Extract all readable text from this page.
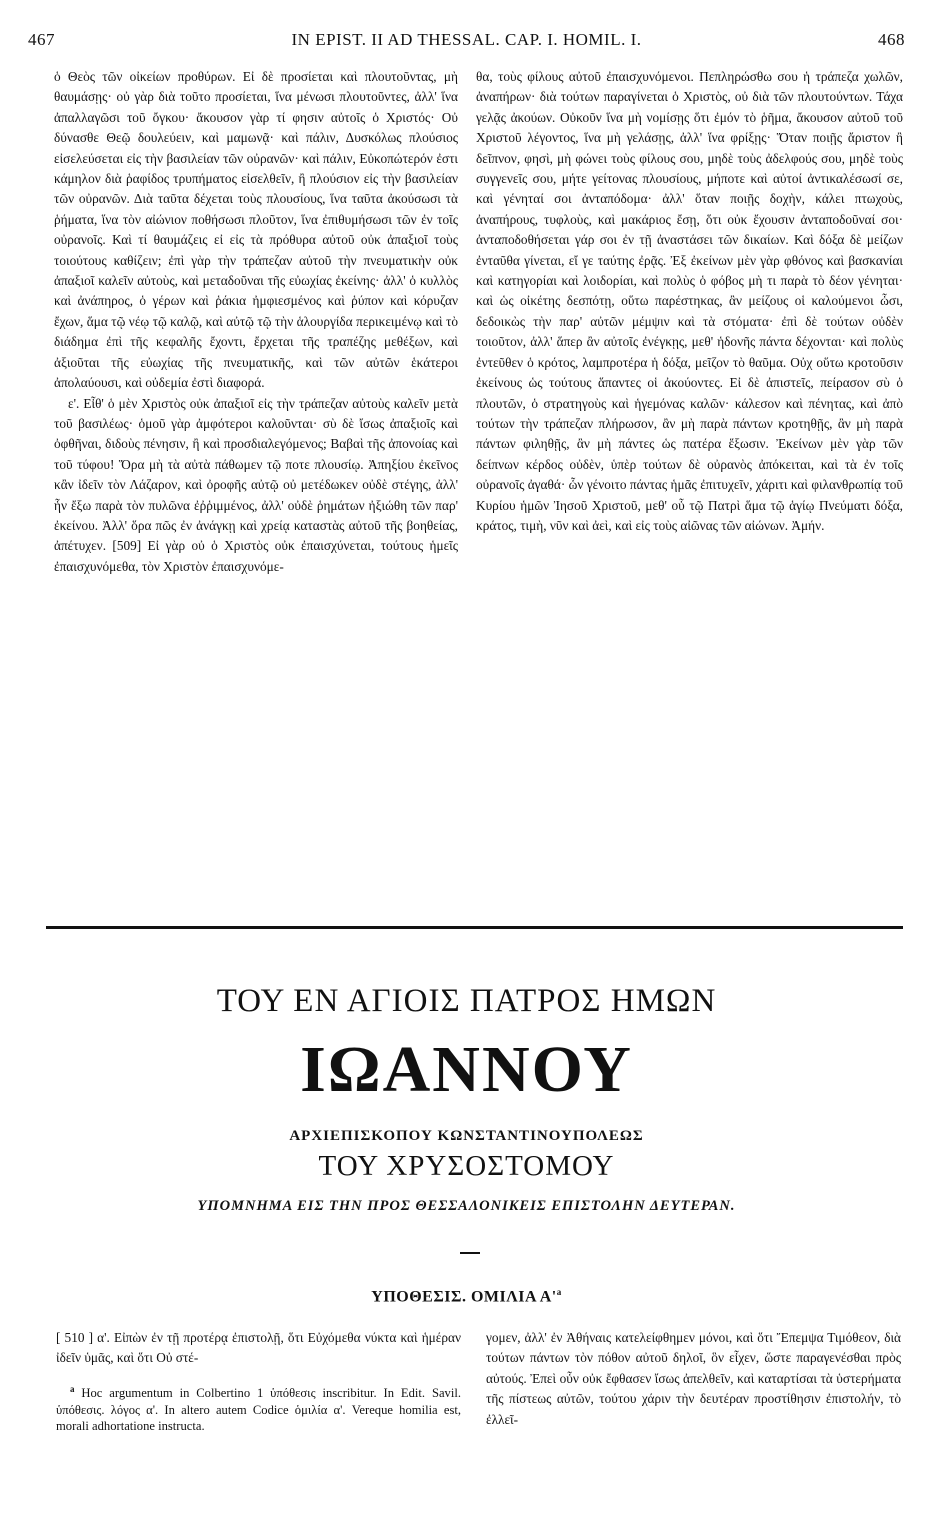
467	IN EPIST. II AD THESSAL. CAP. I. HOMIL. I.	468

ὁ Θεὸς τῶν οἰκείων προθύρων. Εἰ δὲ προσίεται καὶ πλουτοῦντας, μὴ θαυμάσῃς· οὐ γὰρ διὰ τοῦτο προσίεται, ἵνα μένωσι πλουτοῦντες, ἀλλ' ἵνα ἀπαλλαγῶσι τοῦ ὄγκου· ἄκουσον γὰρ τί φησιν αὐτοῖς ὁ Χριστός· Οὐ δύνασθε Θεῷ δουλεύειν, καὶ μαμωνᾷ· καὶ πάλιν, Δυσκόλως πλούσιος εἰσελεύσεται εἰς τὴν βασιλείαν τῶν οὐρανῶν· καὶ πάλιν, Εὐκοπώτερόν ἐστι κάμηλον διὰ ῥαφίδος τρυπήματος εἰσελθεῖν, ἢ πλούσιον εἰς τὴν βασιλείαν τῶν οὐρανῶν. Διὰ ταῦτα δέχεται τοὺς πλουσίους, ἵνα ταῦτα ἀκούσωσι τὰ ῥήματα, ἵνα τὸν αἰώνιον ποθήσωσι πλοῦτον, ἵνα ἐπιθυμήσωσι τῶν ἐν τοῖς οὐρανοῖς. Καὶ τί θαυμάζεις εἰ εἰς τὰ πρόθυρα αὐτοῦ οὐκ ἀπαξιοῖ τοὺς τοιούτους καθίζειν; ἐπὶ γὰρ τὴν τράπεζαν αὐτοῦ τὴν πνευματικὴν οὐκ ἀπαξιοῖ καλεῖν αὐτοὺς, καὶ μεταδοῦναι τῆς εὐωχίας ἐκείνης· ἀλλ' ὁ κυλλὸς καὶ ἀνάπηρος, ὁ γέρων καὶ ῥάκια ἠμφιεσμένος καὶ ῥύπον καὶ κόρυζαν ἔχων, ἅμα τῷ νέῳ τῷ καλῷ, καὶ αὐτῷ τῷ τὴν ἁλουργίδα περικειμένῳ καὶ τὸ διάδημα ἐπὶ τῆς κεφαλῆς ἔχοντι, ἔρχεται τῆς τραπέζης μεθέξων, καὶ ἀξιοῦται τῆς εὐωχίας τῆς πνευματικῆς, καὶ τῶν αὐτῶν ἑκάτεροι ἀπολαύουσι, καὶ οὐδεμία ἐστὶ διαφορά.

ε'. Εἶθ' ὁ μὲν Χριστὸς οὐκ ἀπαξιοῖ εἰς τὴν τράπεζαν αὐτοὺς καλεῖν μετὰ τοῦ βασιλέως· ὁμοῦ γὰρ ἀμφότεροι καλοῦνται· σὺ δὲ ἴσως ἀπαξιοῖς καὶ ὀφθῆναι, διδοὺς πένησιν, ἢ καὶ προσδιαλεγόμενος; Βαβαὶ τῆς ἀπονοίας καὶ τοῦ τύφου! Ὅρα μὴ τὰ αὐτὰ πάθωμεν τῷ ποτε πλουσίῳ. Ἀπηξίου ἐκεῖνος κἂν ἰδεῖν τὸν Λάζαρον, καὶ ὀροφῆς αὐτῷ οὐ μετέδωκεν οὐδὲ στέγης, ἀλλ' ἦν ἔξω παρὰ τὸν πυλῶνα ἐῤῥιμμένος, ἀλλ' οὐδὲ ῥημάτων ἠξιώθη τῶν παρ' ἐκείνου. Ἀλλ' ὅρα πῶς ἐν ἀνάγκῃ καὶ χρείᾳ καταστὰς αὐτοῦ τῆς βοηθείας, ἀπέτυχεν. [509] Εἰ γὰρ οὐ ὁ Χριστὸς οὐκ ἐπαισχύνεται, τούτους ἡμεῖς ἐπαισχυνόμεθα, τὸν Χριστὸν ἐπαισχυνόμε-

θα, τοὺς φίλους αὐτοῦ ἐπαισχυνόμενοι. Πεπληρώσθω σου ἡ τράπεζα χωλῶν, ἀναπήρων· διὰ τούτων παραγίνεται ὁ Χριστὸς, οὐ διὰ τῶν πλουτούντων. Τάχα γελᾷς ἀκούων. Οὐκοῦν ἵνα μὴ νομίσῃς ὅτι ἐμόν τὸ ῥῆμα, ἄκουσον αὐτοῦ τοῦ Χριστοῦ λέγοντος, ἵνα μὴ γελάσῃς, ἀλλ' ἵνα φρίξῃς· Ὅταν ποιῇς ἄριστον ἢ δεῖπνον, φησὶ, μὴ φώνει τοὺς φίλους σου, μηδὲ τοὺς ἀδελφούς σου, μηδὲ τοὺς συγγενεῖς σου, μήτε γείτονας πλουσίους, μήποτε καὶ αὐτοί ἀντικαλέσωσί σε, καὶ γένηταί σοι ἀνταπόδομα· ἀλλ' ὅταν ποιῇς δοχὴν, κάλει πτωχοὺς, ἀναπήρους, τυφλοὺς, καὶ μακάριος ἔσῃ, ὅτι οὐκ ἔχουσιν ἀνταποδοῦναί σοι· ἀνταποδοθήσεται γάρ σοι ἐν τῇ ἀναστάσει τῶν δικαίων. Καὶ δόξα δὲ μείζων ἐνταῦθα γίνεται, εἴ γε ταύτης ἐρᾷς. Ἐξ ἐκείνων μὲν γὰρ φθόνος καὶ βασκανίαι καὶ κατηγορίαι καὶ λοιδορίαι, καὶ πολὺς ὁ φόβος μὴ τι παρὰ τὸ δέον γένηται· καὶ ὡς οἰκέτης δεσπότῃ, οὕτω παρέστηκας, ἂν μείζους οἱ καλούμενοι ὦσι, δεδοικὼς τὴν παρ' αὐτῶν μέμψιν καὶ τὰ στόματα· ἐπὶ δὲ τούτων οὐδὲν τοιοῦτον, ἀλλ' ἅπερ ἂν αὐτοῖς ἐνέγκῃς, μεθ' ἡδονῆς πάντα δέχονται· καὶ πολὺς ἐντεῦθεν ὁ κρότος, λαμπροτέρα ἡ δόξα, μεῖζον τὸ θαῦμα. Οὐχ οὕτω κροτοῦσιν ἐκείνους ὡς τούτους ἅπαντες οἱ ἀκούοντες. Εἰ δὲ ἀπιστεῖς, πείρασον σὺ ὁ πλουτῶν, ὁ στρατηγοὺς καὶ ἡγεμόνας καλῶν· κάλεσον καὶ πένητας, καὶ ἀπὸ τούτων τὴν τράπεζαν πλήρωσον, ἂν μὴ παρὰ πάντων κροτηθῇς, ἂν μὴ παρὰ πάντων φιληθῇς, ἂν μὴ πάντες ὡς πατέρα ἕξωσιν. Ἐκείνων μὲν γὰρ τῶν δείπνων κέρδος οὐδὲν, ὑπὲρ τούτων δὲ οὐρανὸς ἀπόκειται, καὶ τὰ ἐν τοῖς οὐρανοῖς ἀγαθά· ὧν γένοιτο πάντας ἡμᾶς ἐπιτυχεῖν, χάριτι καὶ φιλανθρωπίᾳ τοῦ Κυρίου ἡμῶν Ἰησοῦ Χριστοῦ, μεθ' οὗ τῷ Πατρὶ ἅμα τῷ ἁγίῳ Πνεύματι δόξα, κράτος, τιμὴ, νῦν καὶ ἀεὶ, καὶ εἰς τοὺς αἰῶνας τῶν αἰώνων. Ἀμήν.

ΤΟΥ ΕΝ ΑΓΙΟΙΣ ΠΑΤΡΟΣ ΗΜΩΝ
ΙΩΑΝΝΟΥ
ΑΡΧΙΕΠΙΣΚΟΠΟΥ ΚΩΝΣΤΑΝΤΙΝΟΥΠΟΛΕΩΣ
ΤΟΥ ΧΡΥΣΟΣΤΟΜΟΥ
ΥΠΟΜΝΗΜΑ ΕΙΣ ΤΗΝ ΠΡΟΣ ΘΕΣΣΑΛΟΝΙΚΕΙΣ ΕΠΙΣΤΟΛΗΝ ΔΕΥΤΕΡΑΝ.
ΥΠΟΘΕΣΙΣ. ΟΜΙΛΙΑ Α'$^a$

[ 510 ] α'. Εἰπὼν ἐν τῇ προτέρᾳ ἐπιστολῇ, ὅτι Εὐχόμεθα νύκτα καὶ ἡμέραν ἰδεῖν ὑμᾶς, καὶ ὅτι Οὐ στέ-

$^a$ Hoc argumentum in Colbertino 1 ὑπόθεσις inscribitur. In Edit. Savil. ὑπόθεσις. λόγος α'. In altero autem Codice ὁμιλία α'. Vereque homilia est, morali adhortatione instructa.

γομεν, ἀλλ' ἐν Ἀθήναις κατελείφθημεν μόνοι, καὶ ὅτι Ἔπεμψα Τιμόθεον, διὰ τούτων πάντων τὸν πόθον αὐτοῦ δηλοῖ, ὃν εἶχεν, ὥστε παραγενέσθαι πρὸς αὐτούς. Ἐπεὶ οὖν οὐκ ἔφθασεν ἴσως ἀπελθεῖν, καὶ καταρτίσαι τὰ ὑστερήματα τῆς πίστεως αὐτῶν, τούτου χάριν τὴν δευτέραν προστίθησιν ἐπιστολήν, τὸ ἐλλεῖ-
